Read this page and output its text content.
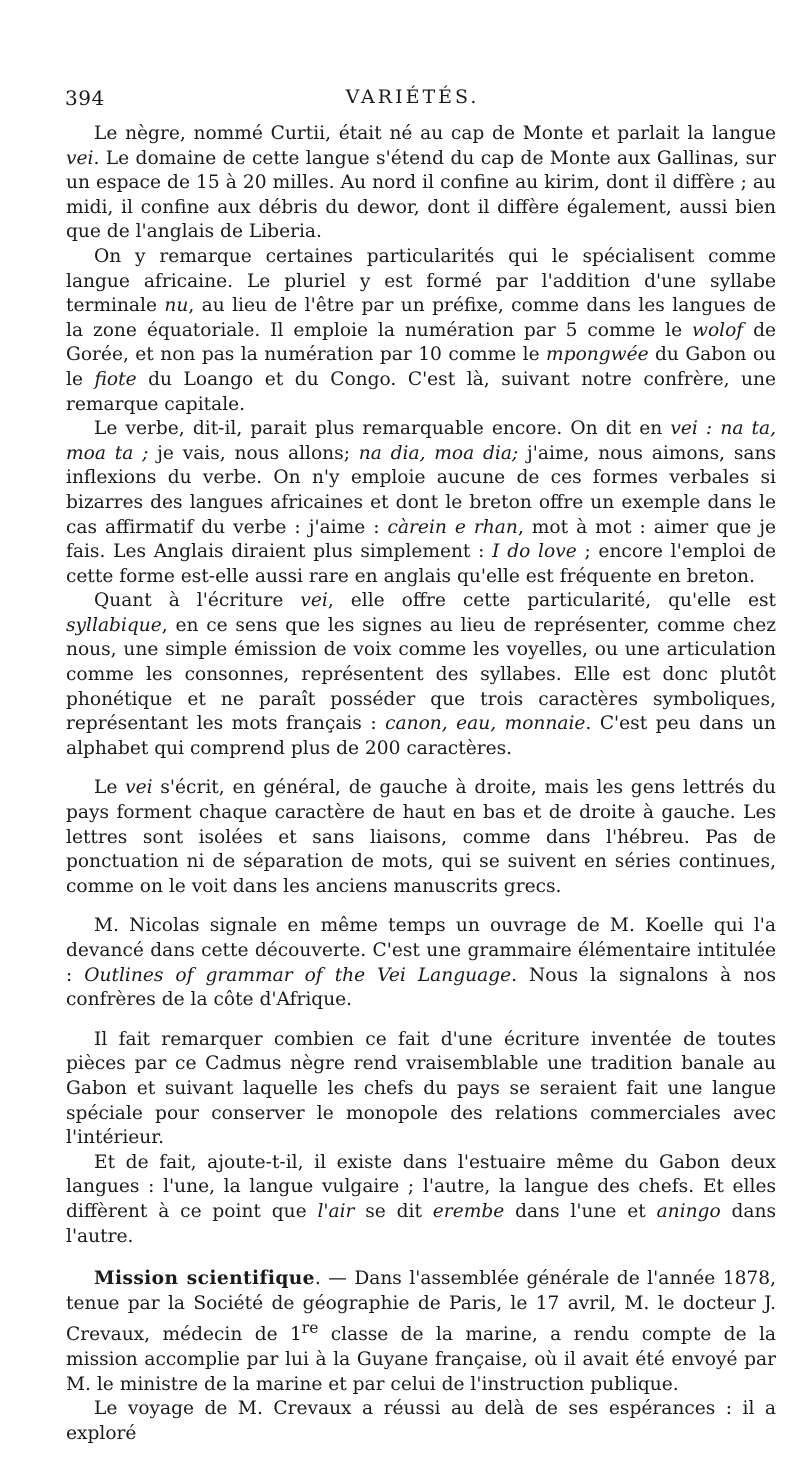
394	VARIÉTÉS.

Le nègre, nommé Curtii, était né au cap de Monte et parlait la langue vei. Le domaine de cette langue s'étend du cap de Monte aux Gallinas, sur un espace de 15 à 20 milles. Au nord il confine au kirim, dont il diffère ; au midi, il confine aux débris du dewor, dont il diffère également, aussi bien que de l'anglais de Liberia.

On y remarque certaines particularités qui le spécialisent comme langue africaine. Le pluriel y est formé par l'addition d'une syllabe terminale nu, au lieu de l'être par un préfixe, comme dans les langues de la zone équatoriale. Il emploie la numération par 5 comme le wolof de Gorée, et non pas la numération par 10 comme le mpongwée du Gabon ou le fiote du Loango et du Congo. C'est là, suivant notre confrère, une remarque capitale.

Le verbe, dit-il, parait plus remarquable encore. On dit en vei : na ta, moa ta ; je vais, nous allons; na dia, moa dia; j'aime, nous aimons, sans inflexions du verbe. On n'y emploie aucune de ces formes verbales si bizarres des langues africaines et dont le breton offre un exemple dans le cas affirmatif du verbe : j'aime : càrein e rhan, mot à mot : aimer que je fais. Les Anglais diraient plus simplement : I do love ; encore l'emploi de cette forme est-elle aussi rare en anglais qu'elle est fréquente en breton.

Quant à l'écriture vei, elle offre cette particularité, qu'elle est syllabique, en ce sens que les signes au lieu de représenter, comme chez nous, une simple émission de voix comme les voyelles, ou une articulation comme les consonnes, représentent des syllabes. Elle est donc plutôt phonétique et ne paraît posséder que trois caractères symboliques, représentant les mots français : canon, eau, monnaie. C'est peu dans un alphabet qui comprend plus de 200 caractères.

Le vei s'écrit, en général, de gauche à droite, mais les gens lettrés du pays forment chaque caractère de haut en bas et de droite à gauche. Les lettres sont isolées et sans liaisons, comme dans l'hébreu. Pas de ponctuation ni de séparation de mots, qui se suivent en séries continues, comme on le voit dans les anciens manuscrits grecs.

M. Nicolas signale en même temps un ouvrage de M. Koelle qui l'a devancé dans cette découverte. C'est une grammaire élémentaire intitulée : Outlines of grammar of the Vei Language. Nous la signalons à nos confrères de la côte d'Afrique.

Il fait remarquer combien ce fait d'une écriture inventée de toutes pièces par ce Cadmus nègre rend vraisemblable une tradition banale au Gabon et suivant laquelle les chefs du pays se seraient fait une langue spéciale pour conserver le monopole des relations commerciales avec l'intérieur.

Et de fait, ajoute-t-il, il existe dans l'estuaire même du Gabon deux langues : l'une, la langue vulgaire ; l'autre, la langue des chefs. Et elles diffèrent à ce point que l'air se dit erembe dans l'une et aningo dans l'autre.

Mission scientifique. — Dans l'assemblée générale de l'année 1878, tenue par la Société de géographie de Paris, le 17 avril, M. le docteur J. Crevaux, médecin de 1re classe de la marine, a rendu compte de la mission accomplie par lui à la Guyane française, où il avait été envoyé par M. le ministre de la marine et par celui de l'instruction publique.

Le voyage de M. Crevaux a réussi au delà de ses espérances : il a exploré
